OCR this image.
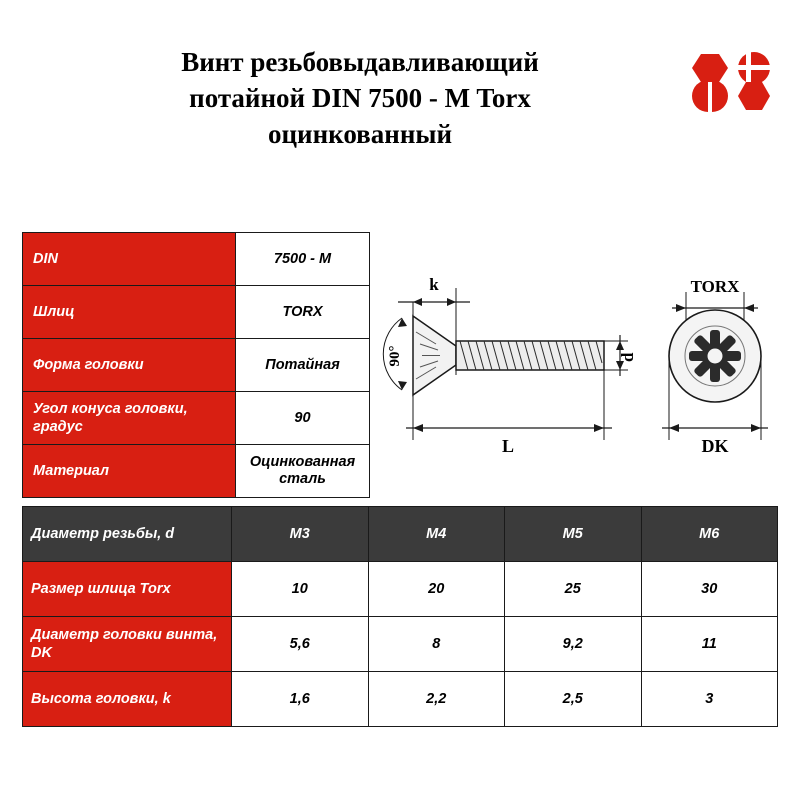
Винт резьбовыдавливающий
потайной DIN 7500 - M Torx
оцинкованный
k
90°	d
L
TORX
DK
DIN	7500 - M
Шлиц	TORX
Форма головки	Потайная
Угол конуса головки, градус	90
Материал	Оцинкованная сталь
Диаметр резьбы, d	M3	M4	M5	M6
Размер шлица Torx	10	20	25	30
Диаметр головки винта, DK	5,6	8	9,2	11
Высота головки, k	1,6	2,2	2,5	3
